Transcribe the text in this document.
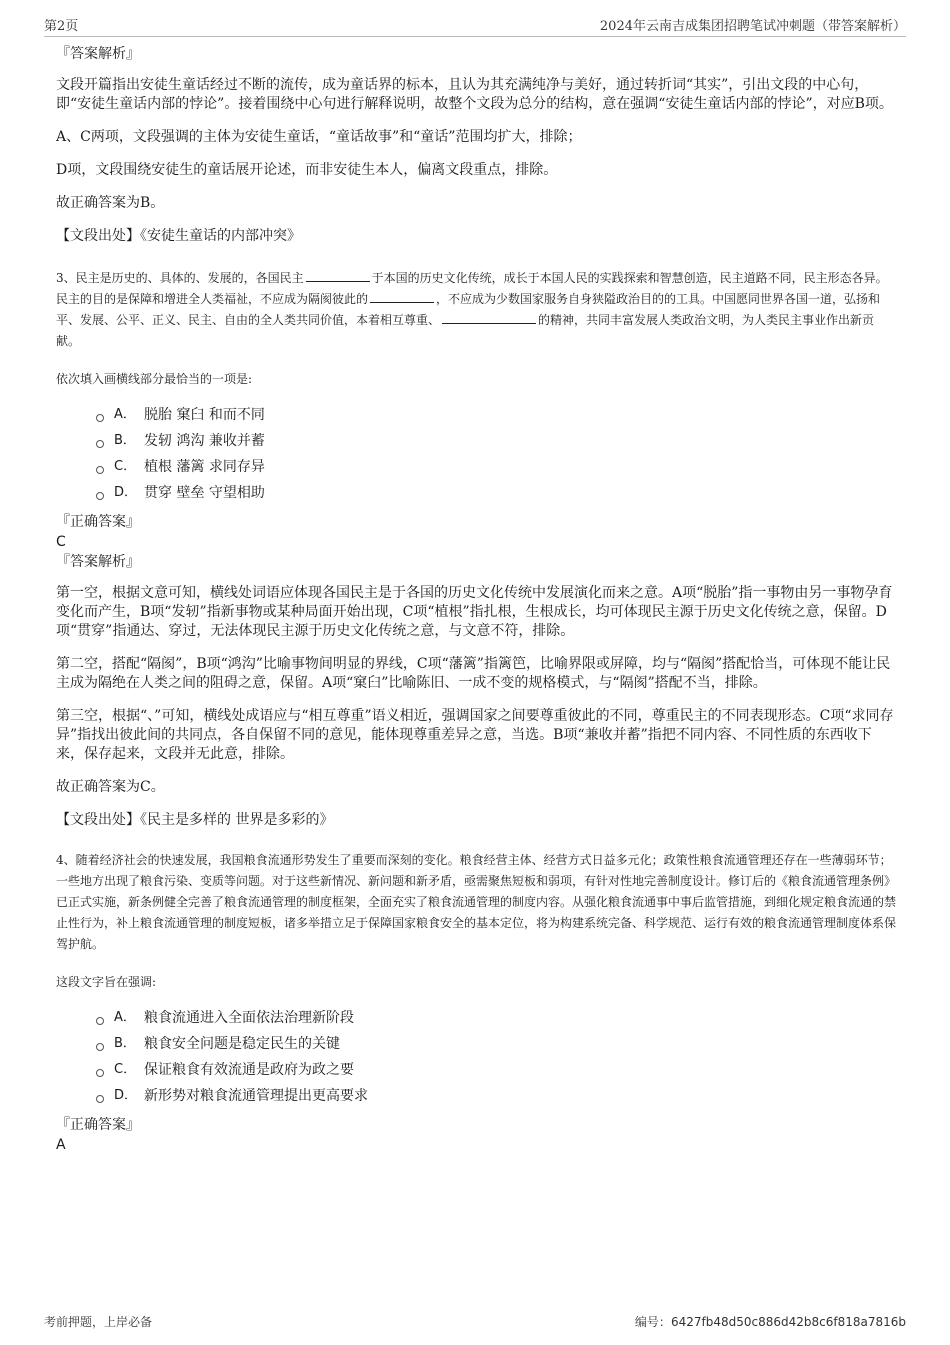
第2页	2024年云南吉成集团招聘笔试冲刺题（带答案解析）

『答案解析』

文段开篇指出安徒生童话经过不断的流传，成为童话界的标本，且认为其充满纯净与美好，通过转折词“其实”，引出文段的中心句，即“安徒生童话内部的悖论”。接着围绕中心句进行解释说明，故整个文段为总分的结构，意在强调“安徒生童话内部的悖论”，对应B项。

A、C两项，文段强调的主体为安徒生童话，“童话故事”和“童话”范围均扩大，排除；

D项，文段围绕安徒生的童话展开论述，而非安徒生本人，偏离文段重点，排除。

故正确答案为B。

【文段出处】《安徒生童话的内部冲突》

3、民主是历史的、具体的、发展的，各国民主	于本国的历史文化传统，成长于本国人民的实践探索和智慧创造，民主道路不同，民主形态各异。民主的目的是保障和增进全人类福祉，不应成为隔阂彼此的	，不应成为少数国家服务自身狭隘政治目的的工具。中国愿同世界各国一道，弘扬和平、发展、公平、正义、民主、自由的全人类共同价值，本着相互尊重、	的精神，共同丰富发展人类政治文明，为人类民主事业作出新贡献。

依次填入画横线部分最恰当的一项是:

A． 脱胎 窠臼 和而不同
B． 发轫 鸿沟 兼收并蓄
C． 植根 藩篱 求同存异
D． 贯穿 壁垒 守望相助

『正确答案』

C

『答案解析』

第一空，根据文意可知，横线处词语应体现各国民主是于各国的历史文化传统中发展演化而来之意。A项“脱胎”指一事物由另一事物孕育变化而产生，B项“发轫”指新事物或某种局面开始出现，C项“植根”指扎根，生根成长，均可体现民主源于历史文化传统之意，保留。D项“贯穿”指通达、穿过，无法体现民主源于历史文化传统之意，与文意不符，排除。

第二空，搭配“隔阂”，B项“鸿沟”比喻事物间明显的界线，C项“藩篱”指篱笆，比喻界限或屏障，均与“隔阂”搭配恰当，可体现不能让民主成为隔绝在人类之间的阻碍之意，保留。A项“窠臼”比喻陈旧、一成不变的规格模式，与“隔阂”搭配不当，排除。

第三空，根据“、”可知，横线处成语应与“相互尊重”语义相近，强调国家之间要尊重彼此的不同，尊重民主的不同表现形态。C项“求同存异”指找出彼此间的共同点，各自保留不同的意见，能体现尊重差异之意，当选。B项“兼收并蓄”指把不同内容、不同性质的东西收下来，保存起来，文段并无此意，排除。

故正确答案为C。

【文段出处】《民主是多样的 世界是多彩的》

4、随着经济社会的快速发展，我国粮食流通形势发生了重要而深刻的变化。粮食经营主体、经营方式日益多元化；政策性粮食流通管理还存在一些薄弱环节；一些地方出现了粮食污染、变质等问题。对于这些新情况、新问题和新矛盾，亟需聚焦短板和弱项，有针对性地完善制度设计。修订后的《粮食流通管理条例》已正式实施，新条例健全完善了粮食流通管理的制度框架，全面充实了粮食流通管理的制度内容。从强化粮食流通事中事后监管措施，到细化规定粮食流通的禁止性行为，补上粮食流通管理的制度短板，诸多举措立足于保障国家粮食安全的基本定位，将为构建系统完备、科学规范、运行有效的粮食流通管理制度体系保驾护航。

这段文字旨在强调:

A． 粮食流通进入全面依法治理新阶段
B． 粮食安全问题是稳定民生的关键
C． 保证粮食有效流通是政府为政之要
D． 新形势对粮食流通管理提出更高要求

『正确答案』

A

考前押题，上岸必备	编号：6427fb48d50c886d42b8c6f818a7816b
